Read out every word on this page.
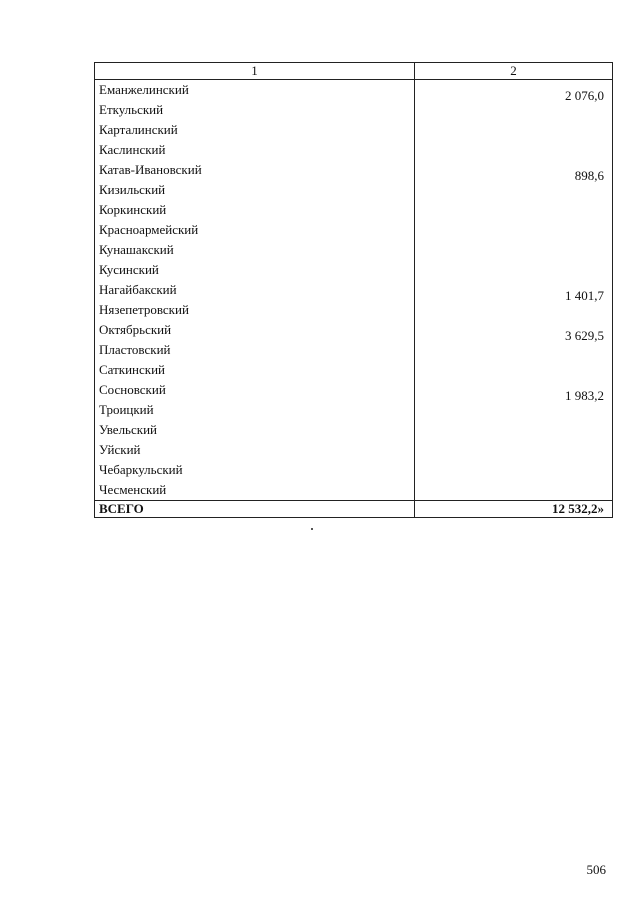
1	2
Еманжелинский	2 076,0
Еткульский	
Карталинский	
Каслинский	
Катав-Ивановский	898,6
Кизильский	
Коркинский	
Красноармейский	
Кунашакский	
Кусинский	
Нагайбакский	1 401,7
Нязепетровский	
Октябрьский	3 629,5
Пластовский	
Саткинский	
Сосновский	1 983,2
Троицкий	
Увельский	
Уйский	
Чебаркульский	
Чесменский	
ВСЕГО	12 532,2»
506
